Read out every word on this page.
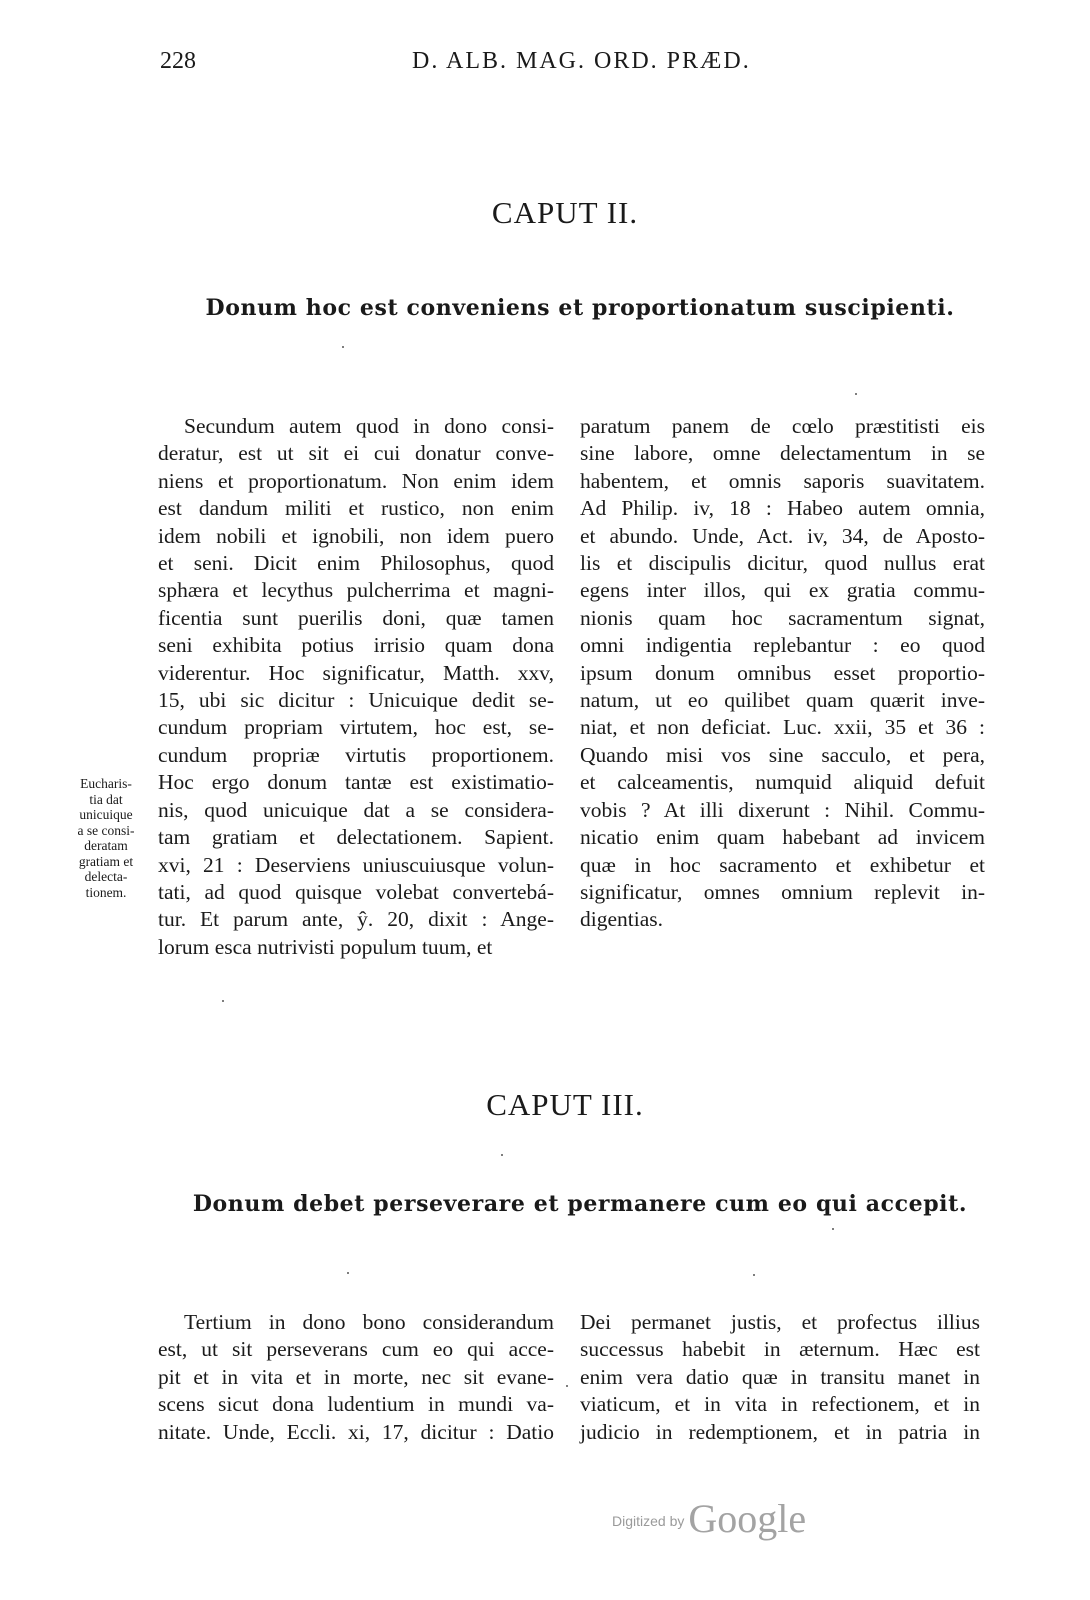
228	D. ALB. MAG. ORD. PRÆD.
CAPUT II.
Donum hoc est conveniens et proportionatum suscipienti.
Secundum autem quod in dono consi-
deratur, est ut sit ei cui donatur conve-
niens et proportionatum. Non enim idem
est dandum militi et rustico, non enim
idem nobili et ignobili, non idem puero
et seni. Dicit enim Philosophus, quod
sphæra et lecythus pulcherrima et magni-
ficentia sunt puerilis doni, quæ tamen
seni exhibita potius irrisio quam dona
viderentur. Hoc significatur, Matth. xxv,
15, ubi sic dicitur : Unicuique dedit se-
cundum propriam virtutem, hoc est, se-
cundum propriæ virtutis proportionem.
Hoc ergo donum tantæ est existimatio-
nis, quod unicuique dat a se considera-
tam gratiam et delectationem. Sapient.
xvi, 21 : Deserviens uniuscuiusque volun-
tati, ad quod quisque volebat convertebá-
tur. Et parum ante, ŷ. 20, dixit : Ange-
lorum esca nutrivisti populum tuum, et
Eucharis-
tia dat
unicuique
a se consi-
deratam
gratiam et
delecta-
tionem.
paratum panem de cœlo præstitisti eis
sine labore, omne delectamentum in se
habentem, et omnis saporis suavitatem.
Ad Philip. iv, 18 : Habeo autem omnia,
et abundo. Unde, Act. iv, 34, de Aposto-
lis et discipulis dicitur, quod nullus erat
egens inter illos, qui ex gratia commu-
nionis quam hoc sacramentum signat,
omni indigentia replebantur : eo quod
ipsum donum omnibus esset proportio-
natum, ut eo quilibet quam quærit inve-
niat, et non deficiat. Luc. xxii, 35 et 36 :
Quando misi vos sine sacculo, et pera,
et calceamentis, numquid aliquid defuit
vobis ? At illi dixerunt : Nihil. Commu-
nicatio enim quam habebant ad invicem
quæ in hoc sacramento et exhibetur et
significatur, omnes omnium replevit in-
digentias.
CAPUT III.
Donum debet perseverare et permanere cum eo qui accepit.
Tertium in dono bono considerandum
est, ut sit perseverans cum eo qui acce-
pit et in vita et in morte, nec sit evane-
scens sicut dona ludentium in mundi va-
nitate. Unde, Eccli. xi, 17, dicitur : Datio
Dei permanet justis, et profectus illius
successus habebit in æternum. Hæc est
enim vera datio quæ in transitu manet in
viaticum, et in vita in refectionem, et in
judicio in redemptionem, et in patria in
Digitized by Google
